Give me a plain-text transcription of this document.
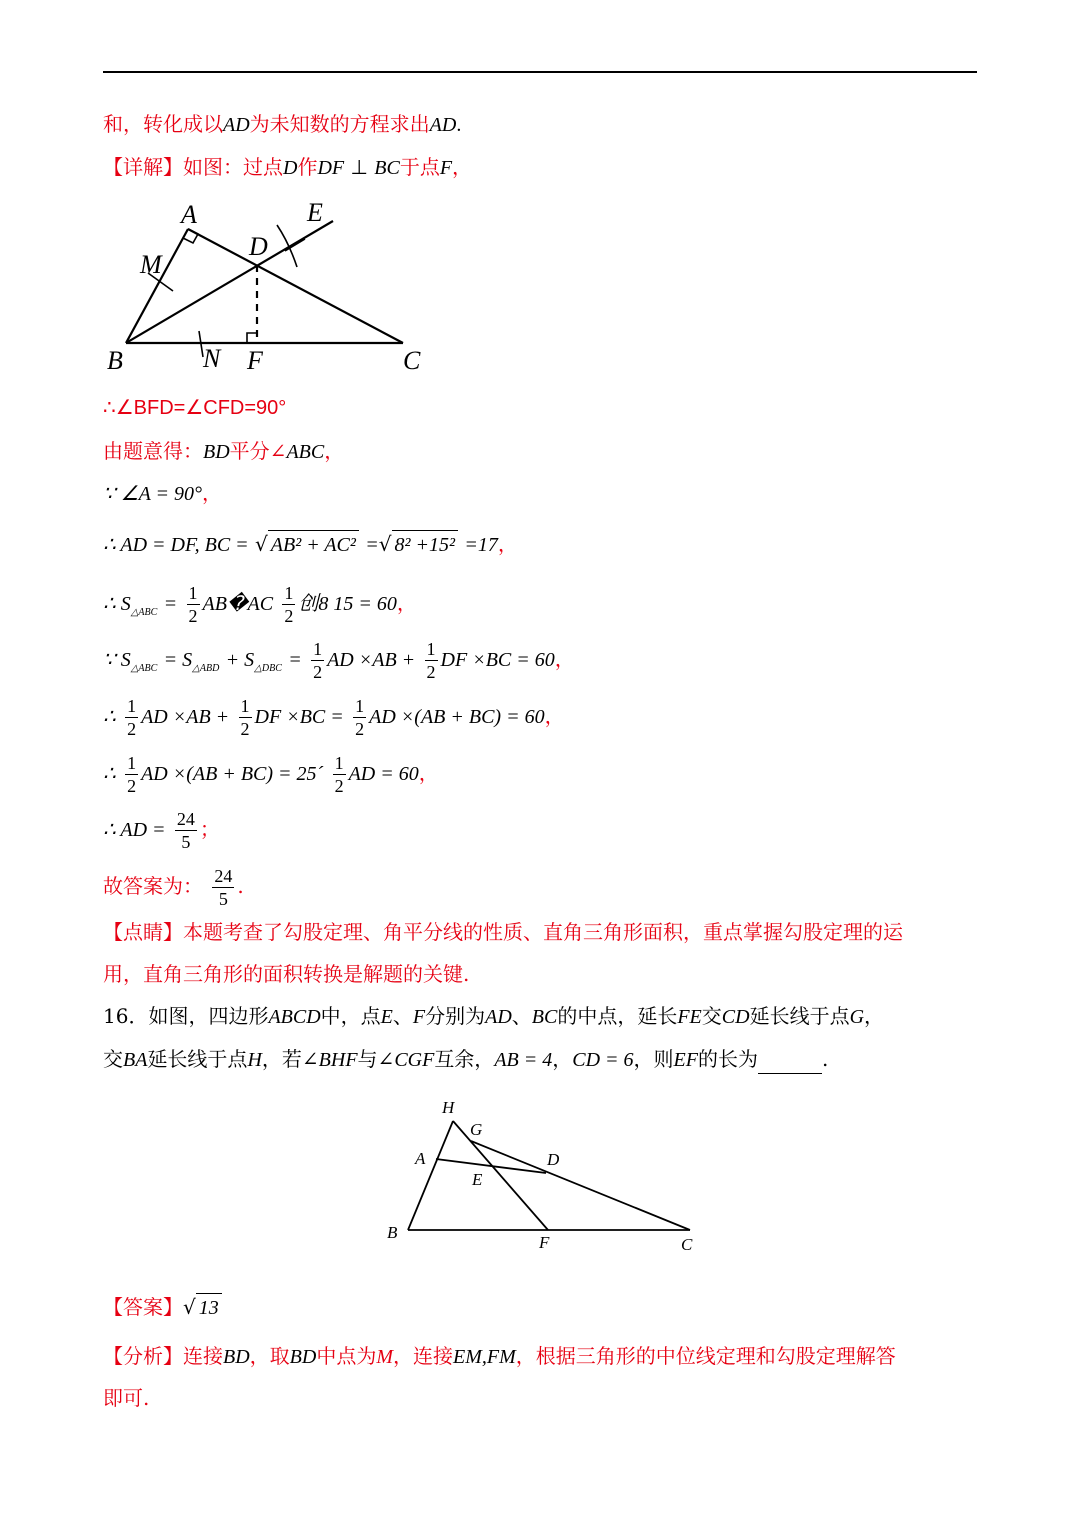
和，转化成以AD为未知数的方程求出AD.
【详解】如图：过点D作DF ⊥ BC于点F，
A
B	C
D
E
F
M
N
∴∠BFD=∠CFD=90°
由题意得：BD平分∠ABC，
∵ ∠A = 90°，
∴ AD = DF, BC = √ AB² + AC² = √ 8² +15² =17，
∴ $S_{\triangle ABC} = \frac{1}{2}$ AB�AC $\frac{1}{2}$ 创8 15 = 60，
∵ $S_{\triangle ABC} = S_{\triangle ABD} + S_{\triangle DBC} = \frac{1}{2}$ AD $\times AB + \frac{1}{2}$ DF ×BC = 60，
∴ $\frac{1}{2}$ AD $\times AB + \frac{1}{2}$ DF $\times BC = \frac{1}{2}$ AD ×(AB + BC) = 60，
∴ $\frac{1}{2}$ AD ×(AB + BC) = 25´ $\frac{1}{2}$ AD = 60，
∴ AD = $\frac{24}{5}$ ；
故答案为： $\frac{24}{5}$ .
【点睛】本题考查了勾股定理、角平分线的性质、直角三角形面积，重点掌握勾股定理的运
用，直角三角形的面积转换是解题的关键.
16．如图，四边形ABCD中，点E、F分别为AD、BC的中点，延长FE交CD延长线于点G，
交BA延长线于点H，若∠BHF与∠CGF互余，AB = 4，CD = 6，则EF的长为	.
H
G
A	D
E
B
F	C
【答案】 √ 13
【分析】连接BD，取BD中点为M，连接EM,FM，根据三角形的中位线定理和勾股定理解答
即可.
